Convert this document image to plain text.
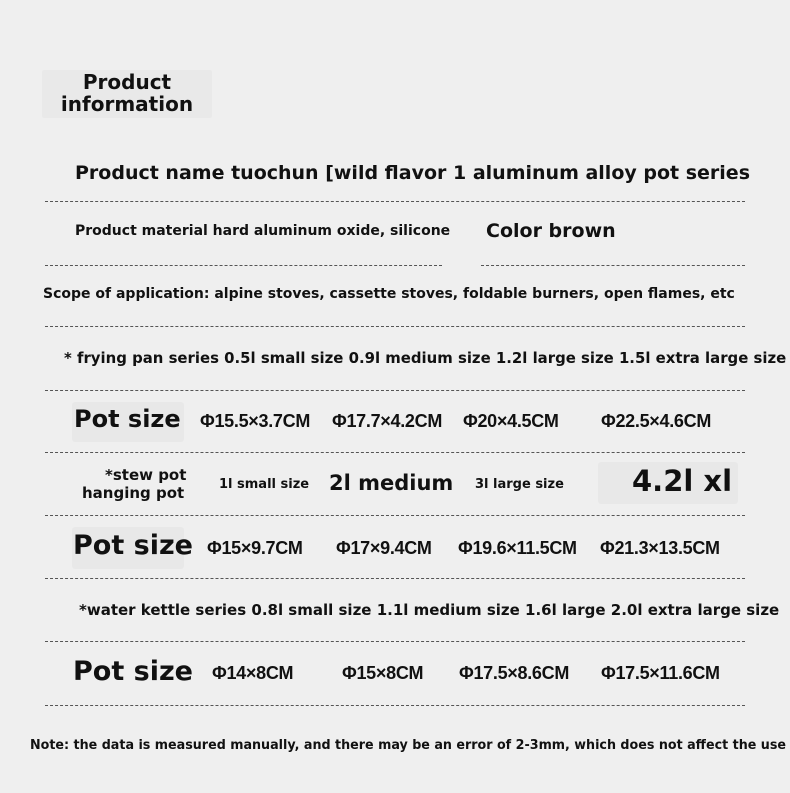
Product
information
Product name tuochun [wild flavor 1 aluminum alloy pot series
Product material hard aluminum oxide, silicone Color brown
Scope of application: alpine stoves, cassette stoves, foldable burners, open flames, etc
* frying pan series 0.5l small size 0.9l medium size 1.2l large size 1.5l extra large size
Pot size Φ15.5×3.7CM Φ17.7×4.2CM Φ20×4.5CM Φ22.5×4.6CM
*stew pot
hanging pot	1l small size 2l medium 3l large size 4.2l xl
Pot size Φ15×9.7CM Φ17×9.4CM Φ19.6×11.5CM Φ21.3×13.5CM
*water kettle series 0.8l small size 1.1l medium size 1.6l large 2.0l extra large size
Pot size Φ14×8CM	Φ15×8CM Φ17.5×8.6CM Φ17.5×11.6CM
Note: the data is measured manually, and there may be an error of 2-3mm, which does not affect the use
